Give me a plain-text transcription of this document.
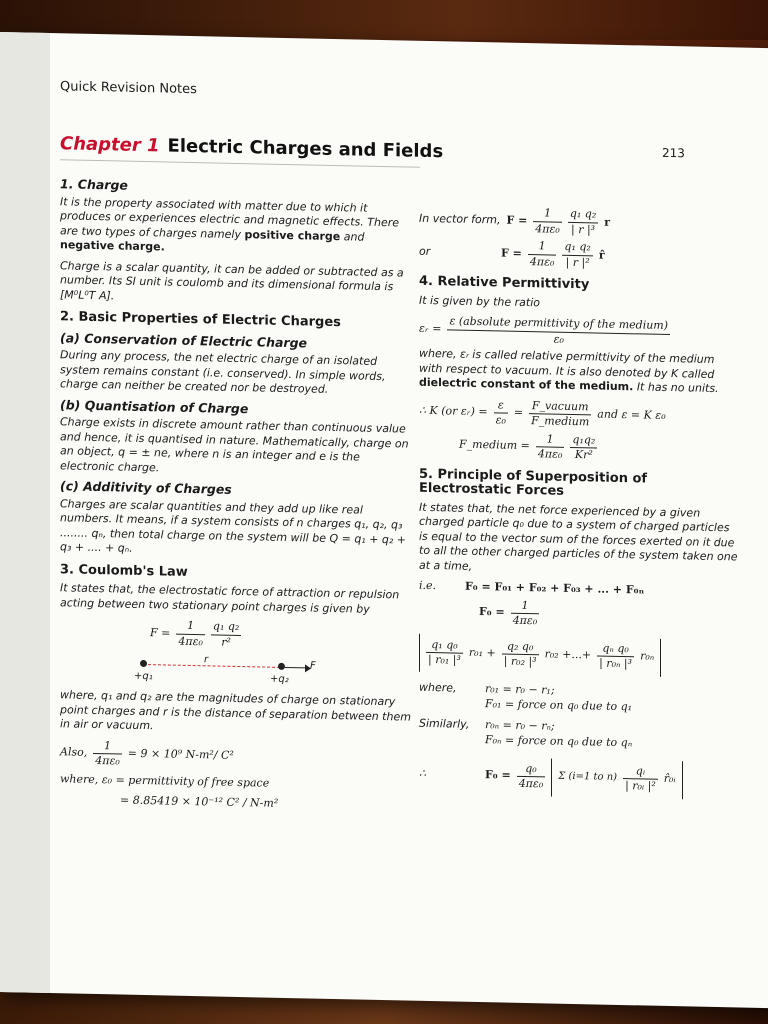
Quick Revision Notes
213
Chapter 1 Electric Charges and Fields
1. Charge

It is the property associated with matter due to which it produces or experiences electric and magnetic effects. There are two types of charges namely positive charge and negative charge.

Charge is a scalar quantity, it can be added or subtracted as a number. Its SI unit is coulomb and its dimensional formula is [M⁰L⁰T A].

2. Basic Properties of Electric Charges
(a) Conservation of Electric Charge

During any process, the net electric charge of an isolated system remains constant (i.e. conserved). In simple words, charge can neither be created nor be destroyed.

(b) Quantisation of Charge

Charge exists in discrete amount rather than continuous value and hence, it is quantised in nature. Mathematically, charge on an object, q = ± ne, where n is an integer and e is the electronic charge.

(c) Additivity of Charges

Charges are scalar quantities and they add up like real numbers. It means, if a system consists of n charges q₁, q₂, q₃ ........ qₙ, then total charge on the system will be Q = q₁ + q₂ + q₃ + .... + qₙ.

3. Coulomb's Law

It states that, the electrostatic force of attraction or repulsion acting between two stationary point charges is given by

$F = \frac{1}{\text{4πε₀}} \frac{\text{q₁ q₂}}{\text{r²}}$
+q₁
r
+q₂
F

where, q₁ and q₂ are the magnitudes of charge on stationary point charges and r is the distance of separation between them in air or vacuum.

Also, $\frac{1}{\text{4πε₀}} = 9 \times 10^9$ N-m²/ C²
where, ε₀ = permittivity of free space
= 8.85419 × 10⁻¹² C² / N-m²
In vector form, $F = \frac{1}{\text{4πε₀}} \frac{\text{q₁ q₂}}{\text{| r |³}}$ r
or	$F = \frac{1}{\text{4πε₀}} \frac{\text{q₁ q₂}}{\text{| r |²}}$ r̂
4. Relative Permittivity

It is given by the ratio

εᵣ = $\frac{\text{ε (absolute permittivity of the medium)}}{\text{ε₀}}$

where, εᵣ is called relative permittivity of the medium with respect to vacuum. It is also denoted by K called dielectric constant of the medium. It has no units.

∴ K (or εᵣ) = $\frac{\varepsilon}{\text{ε₀}} = \frac{\text{F\_vacuum}}{\text{F\_medium}}$ and ε = K ε₀
F_medium = $\frac{1}{\text{4πε₀}} \frac{\text{q₁q₂}}{\text{Kr²}}$
5. Principle of Superposition of Electrostatic Forces

It states that, the net force experienced by a given charged particle q₀ due to a system of charged particles is equal to the vector sum of the forces exerted on it due to all the other charged particles of the system taken one at a time,

i.e.	F₀ = F₀₁ + F₀₂ + F₀₃ + ... + F₀ₙ
$F_0 = \frac{1}{\text{4πε₀}}$
$\frac{\text{q₁ q₀}}{\text{| r₀₁ |³}} r_{01} + \frac{\text{q₂ q₀}}{\text{| r₀₂ |³}} r_{02}$ +...+ $\frac{\text{qₙ q₀}}{\text{| r₀ₙ |³}} r_{0n}$
where,	r₀₁ = r₀ − r₁;
F₀₁ = force on q₀ due to q₁
Similarly,	r₀ₙ = r₀ − rₙ;
F₀ₙ = force on q₀ due to qₙ
∴	$F_0 = \frac{\text{q₀}}{\text{4πε₀}}$ Σ (i=1 to $n) \frac{\text{qᵢ}}{\text{| r₀ᵢ |²}}$ r̂₀ᵢ
